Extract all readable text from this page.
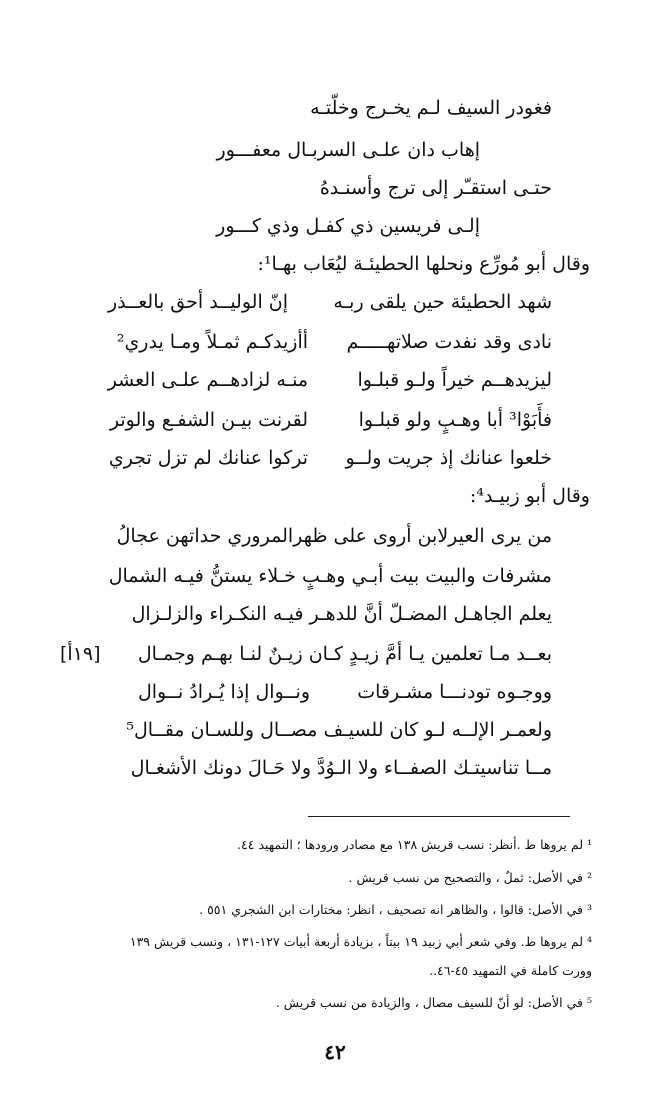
فغودر السيف لـم يخـرج وخلّتـه
إهاب دان علـى السربـال معفـــور
حتـى استقـّر إلى ترج وأسنـدهُ
إلـى فريسين ذي كفـل وذي كـــور
وقال أبو مُورِّع ونحلها الحطيئـة ليُعَاب بهـا¹:
شهد الحطيئة حين يلقى ربـه
إنّ الوليــد أحق بالعــذر
نادى وقد نفدت صلاتهـــــم
أأزيدكـم ثمـلاً ومـا يدري²
ليزيدهــم خيراً ولـو قبلـوا
منـه لزادهــم علـى العشر
فأَبَوْا³ أبا وهـبٍ ولو قبلـوا
لقرنت بيـن الشفـع والوتر
خلعوا عنانك إذ جريت ولــو
تركوا عنانك لم تزل تجري
وقال أبو زبيـد⁴:
من يرى العيرلابن أروى على ظهرالمروري حداتهن عجالُ
مشرفات والبيت بيت أبـي وهـبٍ خـلاء يستنُّ فيـه الشمال
يعلم الجاهـل المضـلّ أنَّ للدهـر فيـه النكـراء والزلـزال
بعــد مـا تعلمين يـا أمَّ زيـدٍ كـان زيـنٌ لنـا بهـم وجمـال
[١٩أ]
ووجـوه تودنـــا مشـرقات
ونــوال إذا يُـرادُ نــوال
ولعمـر الإلــه لـو كان للسيـف مصــال وللسـان مقــال⁵
مــا تناسيتـك الصفــاء ولا الـوُدَّ ولا حَـالَ دونك الأشغـال
¹ لم يروها ط .أنظر: نسب قريش ١٣٨ مع مصادر ورودها ؛ التمهيد ٤٤.
² في الأصل: ثملٌ ، والتصحيح من نسب قريش .
³ في الأصل: قالوا ، والظاهر انه تصحيف ، انظر: مختارات ابن الشجري ٥٥١ .
⁴ لم يروها ط. وفي شعر أبي زبيد ١٩ بيتاً ، بزيادة أربعة أبيات ١٢٧-١٣١ ، ونسب قريش ١٣٩
وورت كاملة في التمهيد ٤٥-٤٦..
⁵ في الأصل: لو أنّ للسيف مصال ، والزيادة من نسب قريش .
٤٢
